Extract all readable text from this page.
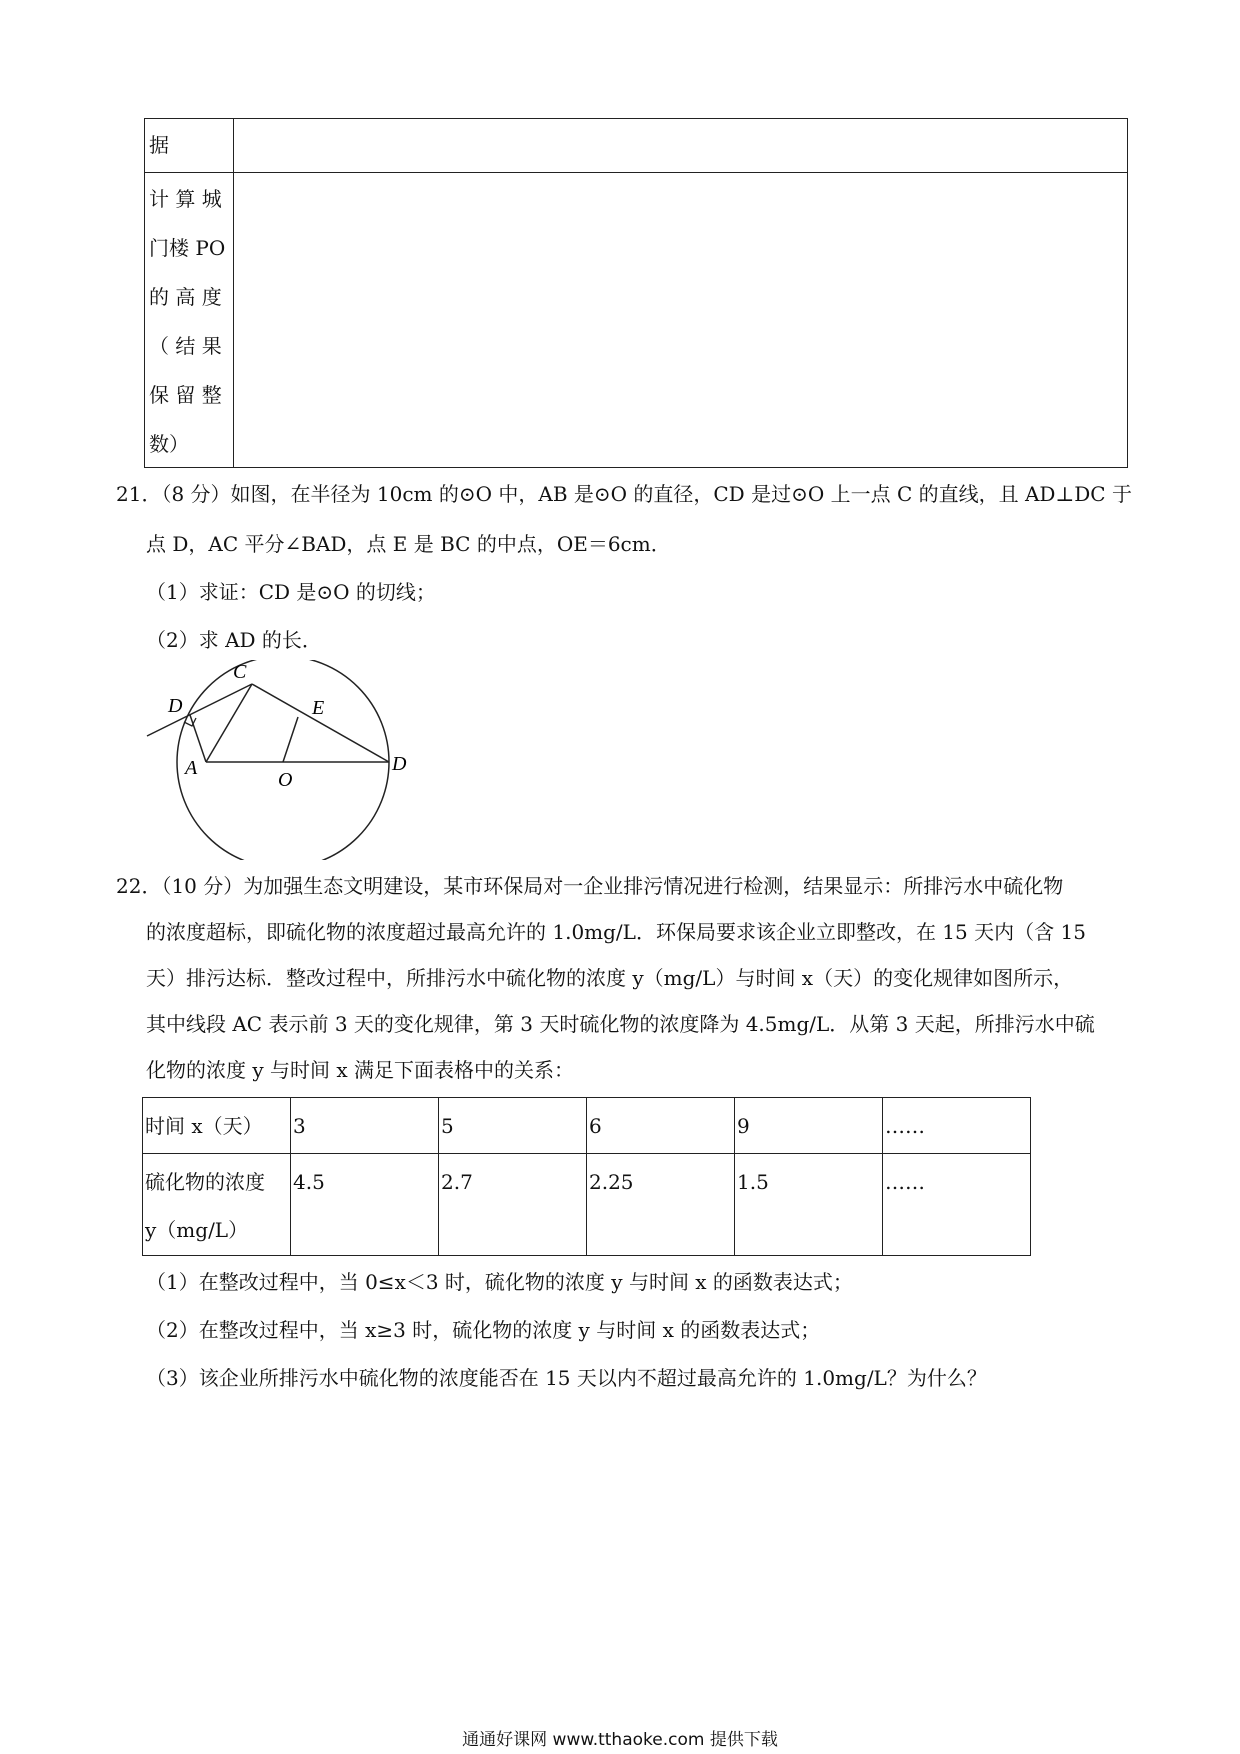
据
计 算 城
门楼 PO
的 高 度
（ 结 果
保 留 整
数）
21．（8 分）如图，在半径为 10cm 的⊙O 中，AB 是⊙O 的直径，CD 是过⊙O 上一点 C 的直线，且 AD⊥DC 于
点 D，AC 平分∠BAD，点 E 是 BC 的中点，OE＝6cm．
（1）求证：CD 是⊙O 的切线；
（2）求 AD 的长．
C
D	E
A
O
D
22．（10 分）为加强生态文明建设，某市环保局对一企业排污情况进行检测，结果显示：所排污水中硫化物
的浓度超标，即硫化物的浓度超过最高允许的 1.0mg/L．环保局要求该企业立即整改，在 15 天内（含 15
天）排污达标．整改过程中，所排污水中硫化物的浓度 y（mg/L）与时间 x（天）的变化规律如图所示，
其中线段 AC 表示前 3 天的变化规律，第 3 天时硫化物的浓度降为 4.5mg/L．从第 3 天起，所排污水中硫
化物的浓度 y 与时间 x 满足下面表格中的关系：
时间 x（天）	3	5	6	9	……

硫化物的浓度
y（mg/L）	4.5	2.7	2.25	1.5	……
（1）在整改过程中，当 0≤x＜3 时，硫化物的浓度 y 与时间 x 的函数表达式；
（2）在整改过程中，当 x≥3 时，硫化物的浓度 y 与时间 x 的函数表达式；
（3）该企业所排污水中硫化物的浓度能否在 15 天以内不超过最高允许的 1.0mg/L？为什么？
通通好课网 www.tthaoke.com 提供下载
